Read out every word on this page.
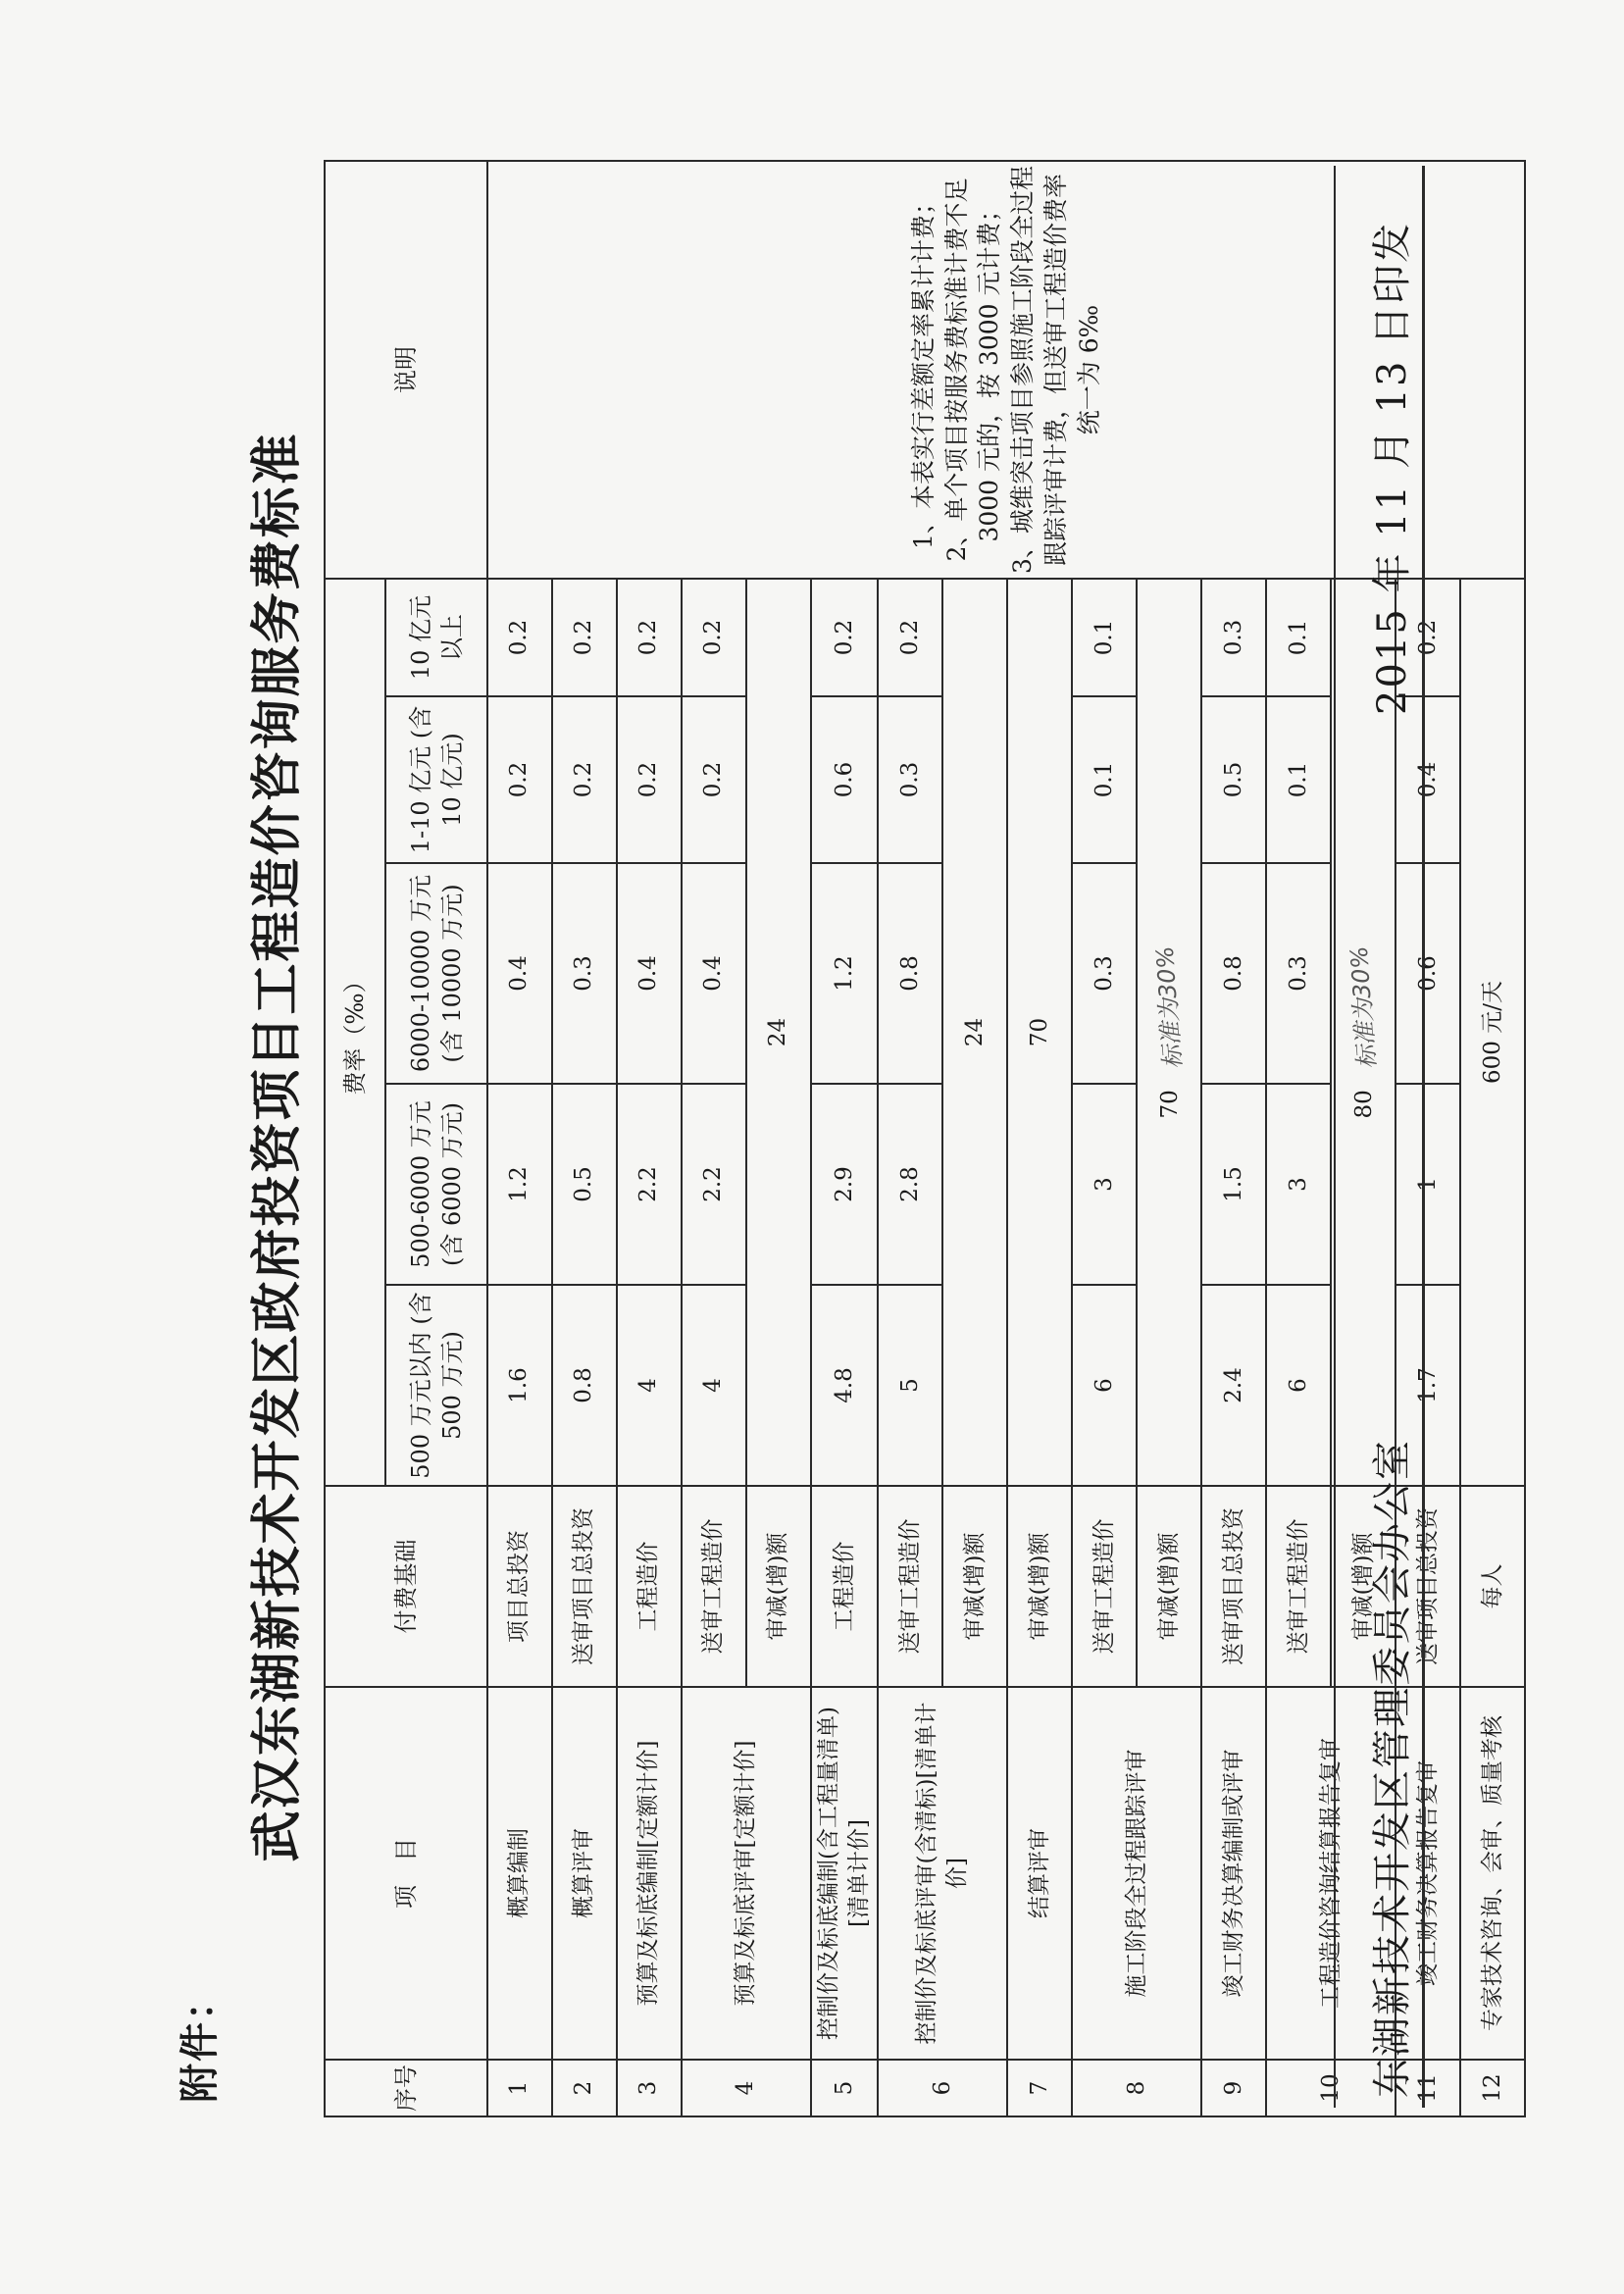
附件：
武汉东湖新技术开发区政府投资项目工程造价咨询服务费标准
序号	项　目	付费基础	费率（‰）					说明
			500 万元以内 (含 500 万元)	500-6000 万元 (含 6000 万元)	6000-10000 万元 (含 10000 万元)	1-10 亿元 (含 10 亿元)	10 亿元 以上	
1	概算编制	项目总投资	1.6	1.2	0.4	0.2	0.2	1、本表实行差额定率累计计费； 2、单个项目按服务费标准计费不足 3000 元的，按 3000 元计费； 3、城维突击项目参照施工阶段全过程跟踪评审计费，但送审工程造价费率统一为 6‰

2	概算评审	送审项目总投资	0.8	0.5	0.3	0.2	0.2	
3	预算及标底编制[定额计价]	工程造价	4	2.2	0.4	0.2	0.2	
4	预算及标底评审[定额计价]	送审工程造价	4	2.2	0.4	0.2	0.2	
		审减(增)额	24					
5	控制价及标底编制(含工程量清单)[清单计价]	工程造价	4.8	2.9	1.2	0.6	0.2	
6	控制价及标底评审(含清标)[清单计价]	送审工程造价	5	2.8	0.8	0.3	0.2	
		审减(增)额	24					
7	结算评审	审减(增)额	70					
8	施工阶段全过程跟踪评审	送审工程造价	6	3	0.3	0.1	0.1	
		审减(增)额	70 标准为30%					
9	竣工财务决算编制或评审	送审项目总投资	2.4	1.5	0.8	0.5	0.3	
10	工程造价咨询结算报告复审	送审工程造价	6	3	0.3	0.1	0.1	
		审减(增)额	80 标准为30%					
11	竣工财务决算报告复审	送审项目总投资	1.7	1	0.6	0.4	0.2	
12	专家技术咨询、会审、质量考核	每人	600 元/天					
东湖新技术开发区管理委员会办公室
2015 年 11 月 13 日印发
